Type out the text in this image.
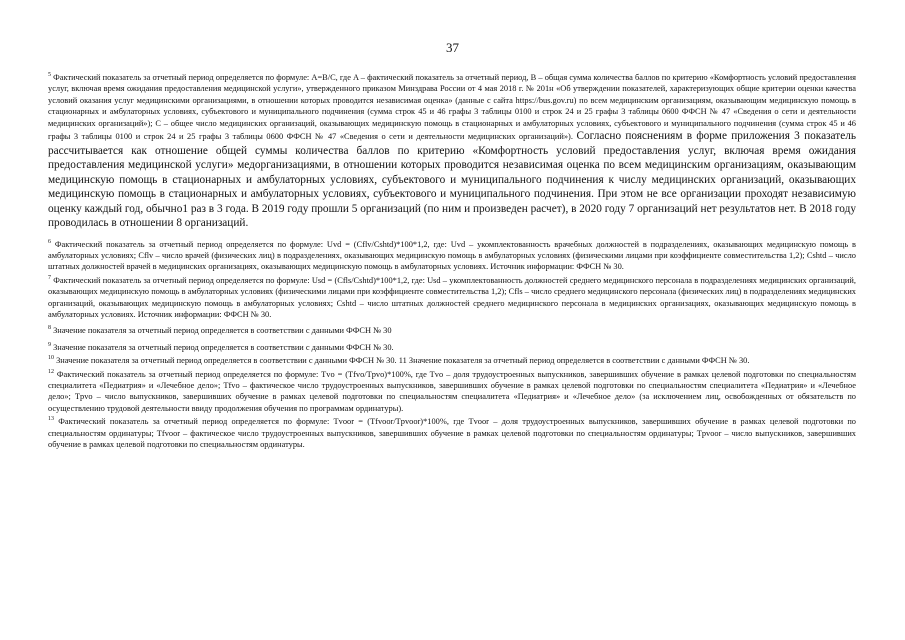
37

$^5$ Фактический показатель за отчетный период определяется по формуле: A=B/C, где A – фактический показатель за отчетный период, B – общая сумма количества баллов по критерию «Комфортность условий предоставления услуг, включая время ожидания предоставления медицинской услуги», утвержденного приказом Минздрава России от 4 мая 2018 г. № 201н «Об утверждении показателей, характеризующих общие критерии оценки качества условий оказания услуг медицинскими организациями, в отношении которых проводится независимая оценка» (данные с сайта https://bus.gov.ru) по всем медицинским организациям, оказывающим медицинскую помощь в стационарных и амбулаторных условиях, субъектового и муниципального подчинения (сумма строк 45 и 46 графы 3 таблицы 0100 и строк 24 и 25 графы 3 таблицы 0600 ФФСН № 47 «Сведения о сети и деятельности медицинских организаций»); C – общее число медицинских организаций, оказывающих медицинскую помощь в стационарных и амбулаторных условиях, субъектового и муниципального подчинения (сумма строк 45 и 46 графы 3 таблицы 0100 и строк 24 и 25 графы 3 таблицы 0600 ФФСН № 47 «Сведения о сети и деятельности медицинских организаций»). Согласно пояснениям в форме приложения 3 показатель рассчитывается как отношение общей суммы количества баллов по критерию «Комфортность условий предоставления услуг, включая время ожидания предоставления медицинской услуги» медорганизациями, в отношении которых проводится независимая оценка по всем медицинским организациям, оказывающим медицинскую помощь в стационарных и амбулаторных условиях, субъектового и муниципального подчинения к числу медицинских организаций, оказывающих медицинскую помощь в стационарных и амбулаторных условиях, субъектового и муниципального подчинения. При этом не все организации проходят независимую оценку каждый год, обычно1 раз в 3 года. В 2019 году прошли 5 организаций (по ним и произведен расчет), в 2020 году 7 организаций нет результатов нет. В 2018 году проводилась в отношении 8 организаций.

$^6$ Фактический показатель за отчетный период определяется по формуле: Uvd = (Cflv/Cshtd)*100*1,2, где: Uvd – укомплектованность врачебных должностей в подразделениях, оказывающих медицинскую помощь в амбулаторных условиях; Cflv – число врачей (физических лиц) в подразделениях, оказывающих медицинскую помощь в амбулаторных условиях (физическими лицами при коэффициенте совместительства 1,2); Cshtd – число штатных должностей врачей в медицинских организациях, оказывающих медицинскую помощь в амбулаторных условиях. Источник информации: ФФСН № 30.

$^7$ Фактический показатель за отчетный период определяется по формуле: Usd = (Cfls/Cshtd)*100*1,2, где: Usd – укомплектованность должностей среднего медицинского персонала в подразделениях медицинских организаций, оказывающих медицинскую помощь в амбулаторных условиях (физическими лицами при коэффициенте совместительства 1,2); Cfls – число среднего медицинского персонала (физических лиц) в подразделениях медицинских организаций, оказывающих медицинскую помощь в амбулаторных условиях; Cshtd – число штатных должностей среднего медицинского персонала в медицинских организациях, оказывающих медицинскую помощь в амбулаторных условиях. Источник информации: ФФСН № 30.

$^8$ Значение показателя за отчетный период определяется в соответствии с данными ФФСН № 30

$^9$ Значение показателя за отчетный период определяется в соответствии с данными ФФСН № 30.

$^{10}$ Значение показателя за отчетный период определяется в соответствии с данными ФФСН № 30. 11 Значение показателя за отчетный период определяется в соответствии с данными ФФСН № 30.

$^{12}$ Фактический показатель за отчетный период определяется по формуле: Tvo = (Tfvo/Tpvo)*100%, где Tvo – доля трудоустроенных выпускников, завершивших обучение в рамках целевой подготовки по специальностям специалитета «Педиатрия» и «Лечебное дело»; Tfvo – фактическое число трудоустроенных выпускников, завершивших обучение в рамках целевой подготовки по специальностям специалитета «Педиатрия» и «Лечебное дело»; Tpvo – число выпускников, завершивших обучение в рамках целевой подготовки по специальностям специалитета «Педиатрия» и «Лечебное дело» (за исключением лиц, освобожденных от обязательств по осуществлению трудовой деятельности ввиду продолжения обучения по программам ординатуры).

$^{13}$ Фактический показатель за отчетный период определяется по формуле: Tvoor = (Tfvoor/Tpvoor)*100%, где Tvoor – доля трудоустроенных выпускников, завершивших обучение в рамках целевой подготовки по специальностям ординатуры; Tfvoor – фактическое число трудоустроенных выпускников, завершивших обучение в рамках целевой подготовки по специальностям ординатуры; Tpvoor – число выпускников, завершивших обучение в рамках целевой подготовки по специальностям ординатуры.
